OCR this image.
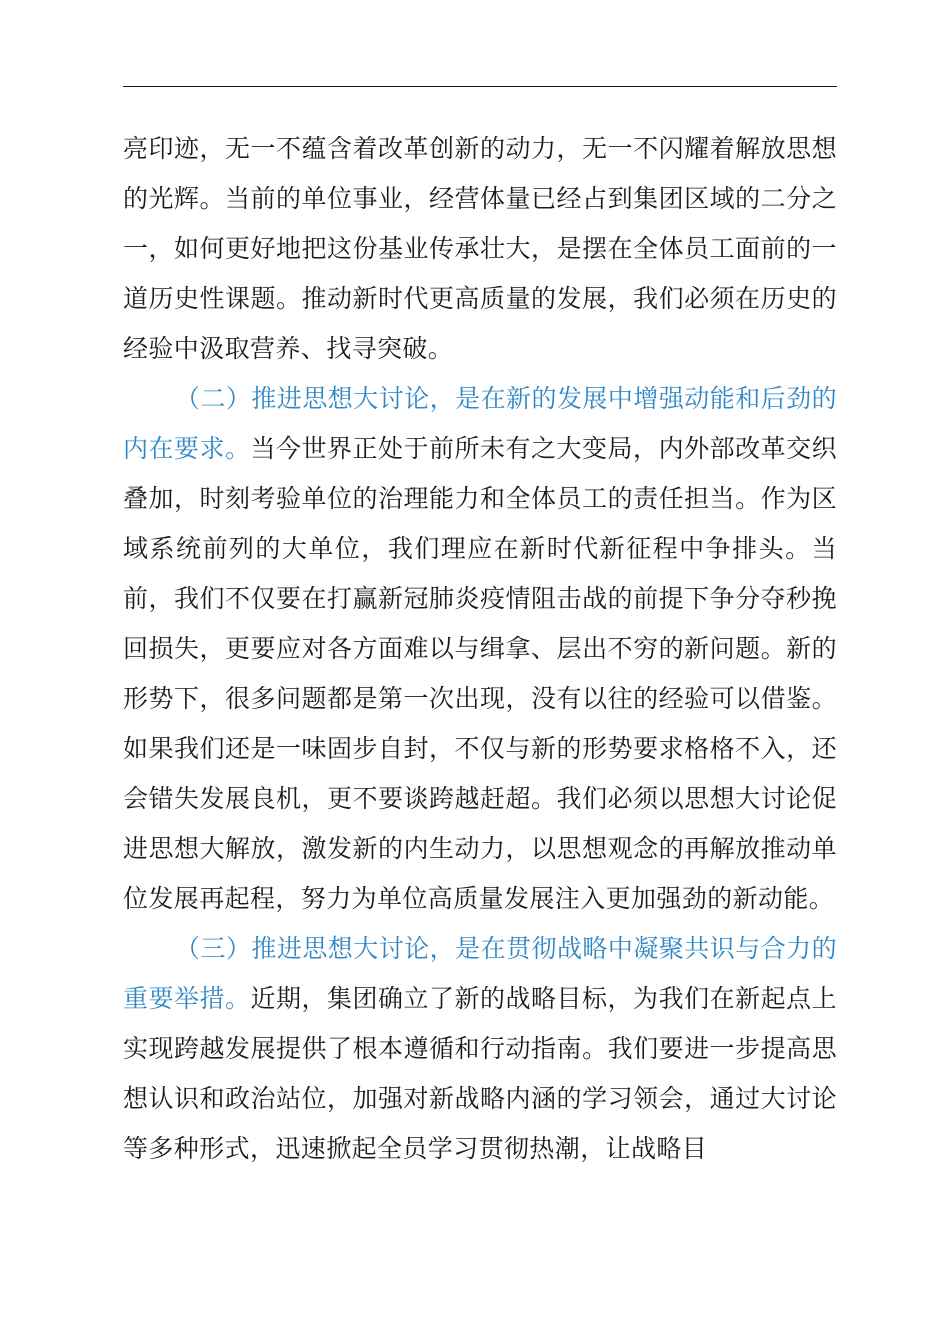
亮印迹，无一不蕴含着改革创新的动力，无一不闪耀着解放思想的光辉。当前的单位事业，经营体量已经占到集团区域的二分之一，如何更好地把这份基业传承壮大，是摆在全体员工面前的一道历史性课题。推动新时代更高质量的发展，我们必须在历史的经验中汲取营养、找寻突破。

（二）推进思想大讨论，是在新的发展中增强动能和后劲的内在要求。当今世界正处于前所未有之大变局，内外部改革交织叠加，时刻考验单位的治理能力和全体员工的责任担当。作为区域系统前列的大单位，我们理应在新时代新征程中争排头。当前，我们不仅要在打赢新冠肺炎疫情阻击战的前提下争分夺秒挽回损失，更要应对各方面难以与缉拿、层出不穷的新问题。新的形势下，很多问题都是第一次出现，没有以往的经验可以借鉴。如果我们还是一味固步自封，不仅与新的形势要求格格不入，还会错失发展良机，更不要谈跨越赶超。我们必须以思想大讨论促进思想大解放，激发新的内生动力，以思想观念的再解放推动单位发展再起程，努力为单位高质量发展注入更加强劲的新动能。

（三）推进思想大讨论，是在贯彻战略中凝聚共识与合力的重要举措。近期，集团确立了新的战略目标，为我们在新起点上实现跨越发展提供了根本遵循和行动指南。我们要进一步提高思想认识和政治站位，加强对新战略内涵的学习领会，通过大讨论等多种形式，迅速掀起全员学习贯彻热潮，让战略目
